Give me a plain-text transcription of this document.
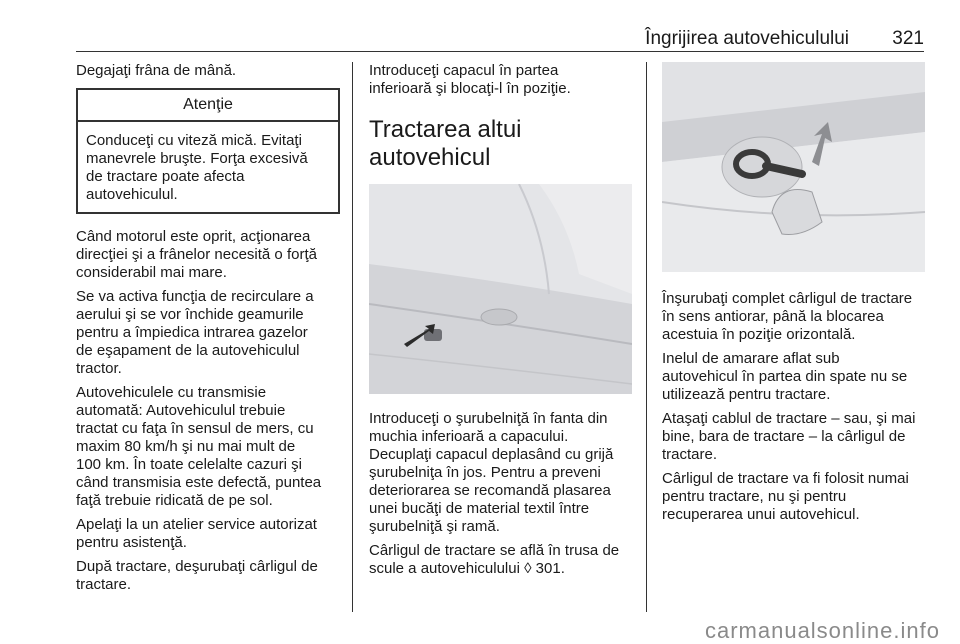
Îngrijirea autovehiculului 321

Degajaţi frâna de mână.

Atenţie
Conduceţi cu viteză mică. Evitaţi
manevrele bruşte. Forţa excesivă
de tractare poate afecta
autovehiculul.

Când motorul este oprit, acţionarea
direcţiei şi a frânelor necesită o forţă
considerabil mai mare.

Se va activa funcţia de recirculare a
aerului şi se vor închide geamurile
pentru a împiedica intrarea gazelor
de eşapament de la autovehiculul
tractor.

Autovehiculele cu transmisie
automată: Autovehiculul trebuie
tractat cu faţa în sensul de mers, cu
maxim 80 km/h şi nu mai mult de
100 km. În toate celelalte cazuri şi
când transmisia este defectă, puntea
faţă trebuie ridicată de pe sol.

Apelaţi la un atelier service autorizat
pentru asistenţă.

După tractare, deşurubaţi cârligul de
tractare.

Introduceţi capacul în partea
inferioară şi blocaţi-l în poziţie.

Tractarea altui autovehicul

Introduceţi o şurubelniţă în fanta din
muchia inferioară a capacului.
Decuplaţi capacul deplasând cu grijă
şurubelniţa în jos. Pentru a preveni
deteriorarea se recomandă plasarea
unei bucăţi de material textil între
şurubelniţă şi ramă.

Cârligul de tractare se află în trusa de
scule a autovehiculului ◊ 301.

Înşurubaţi complet cârligul de tractare
în sens antiorar, până la blocarea
acestuia în poziţie orizontală.

Inelul de amarare aflat sub
autovehicul în partea din spate nu se
utilizează pentru tractare.

Ataşaţi cablul de tractare – sau, şi mai
bine, bara de tractare – la cârligul de
tractare.

Cârligul de tractare va fi folosit numai
pentru tractare, nu şi pentru
recuperarea unui autovehicul.

carmanualsonline.info
